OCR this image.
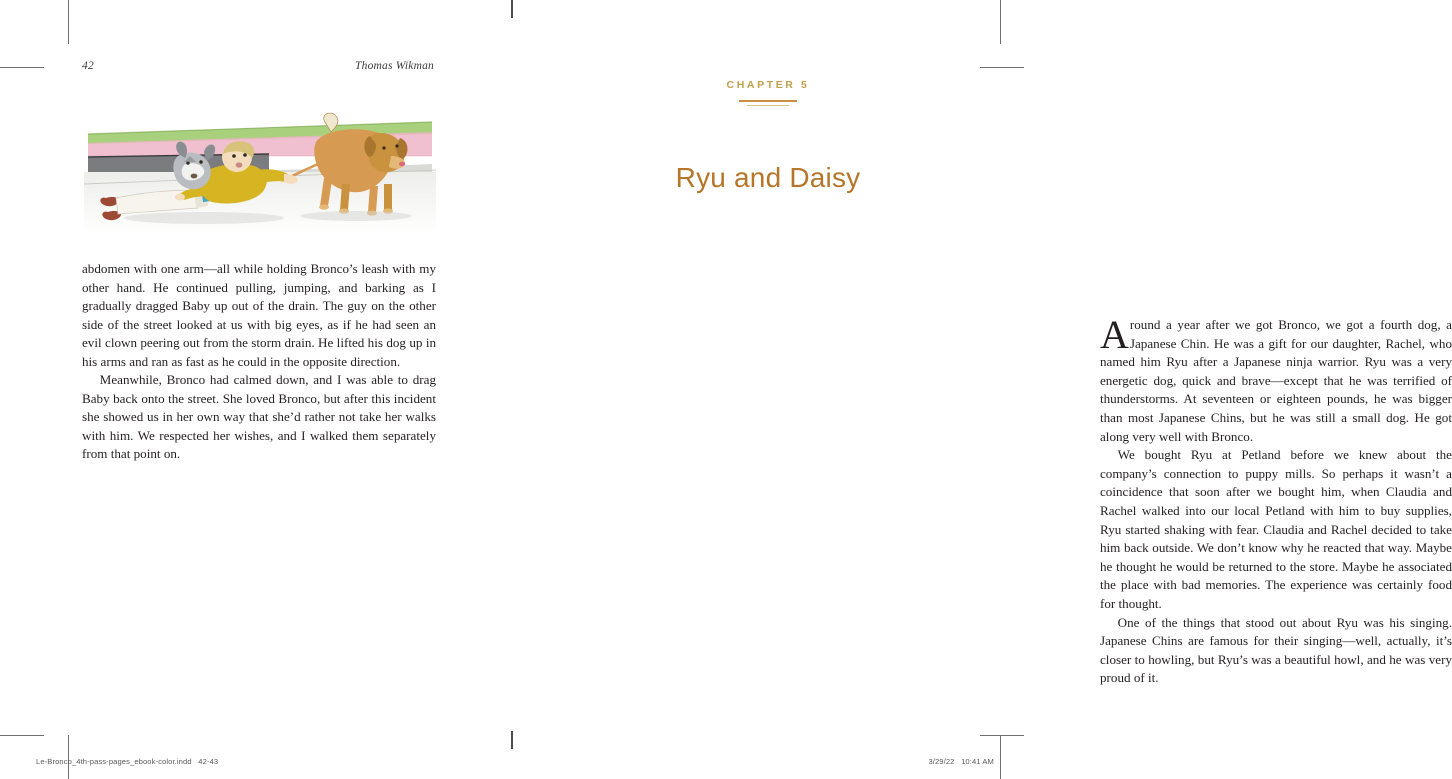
42	Thomas Wikman

abdomen with one arm—all while holding Bronco’s leash with my other hand. He continued pulling, jumping, and barking as I gradually dragged Baby up out of the drain. The guy on the other side of the street looked at us with big eyes, as if he had seen an evil clown peering out from the storm drain. He lifted his dog up in his arms and ran as fast as he could in the opposite direction.

Meanwhile, Bronco had calmed down, and I was able to drag Baby back onto the street. She loved Bronco, but after this incident she showed us in her own way that she’d rather not take her walks with him. We respected her wishes, and I walked them separately from that point on.

CHAPTER 5
Ryu and Daisy

Around a year after we got Bronco, we got a fourth dog, a Japanese Chin. He was a gift for our daughter, Rachel, who named him Ryu after a Japanese ninja warrior. Ryu was a very energetic dog, quick and brave—except that he was terrified of thunderstorms. At seventeen or eighteen pounds, he was bigger than most Japanese Chins, but he was still a small dog. He got along very well with Bronco.

We bought Ryu at Petland before we knew about the company’s connection to puppy mills. So perhaps it wasn’t a coincidence that soon after we bought him, when Claudia and Rachel walked into our local Petland with him to buy supplies, Ryu started shaking with fear. Claudia and Rachel decided to take him back outside. We don’t know why he reacted that way. Maybe he thought he would be returned to the store. Maybe he associated the place with bad memories. The experience was certainly food for thought.

One of the things that stood out about Ryu was his singing. Japanese Chins are famous for their singing—well, actually, it’s closer to howling, but Ryu’s was a beautiful howl, and he was very proud of it.

Le-Bronco_4th-pass-pages_ebook-color.indd   42-43	3/29/22   10:41 AM
